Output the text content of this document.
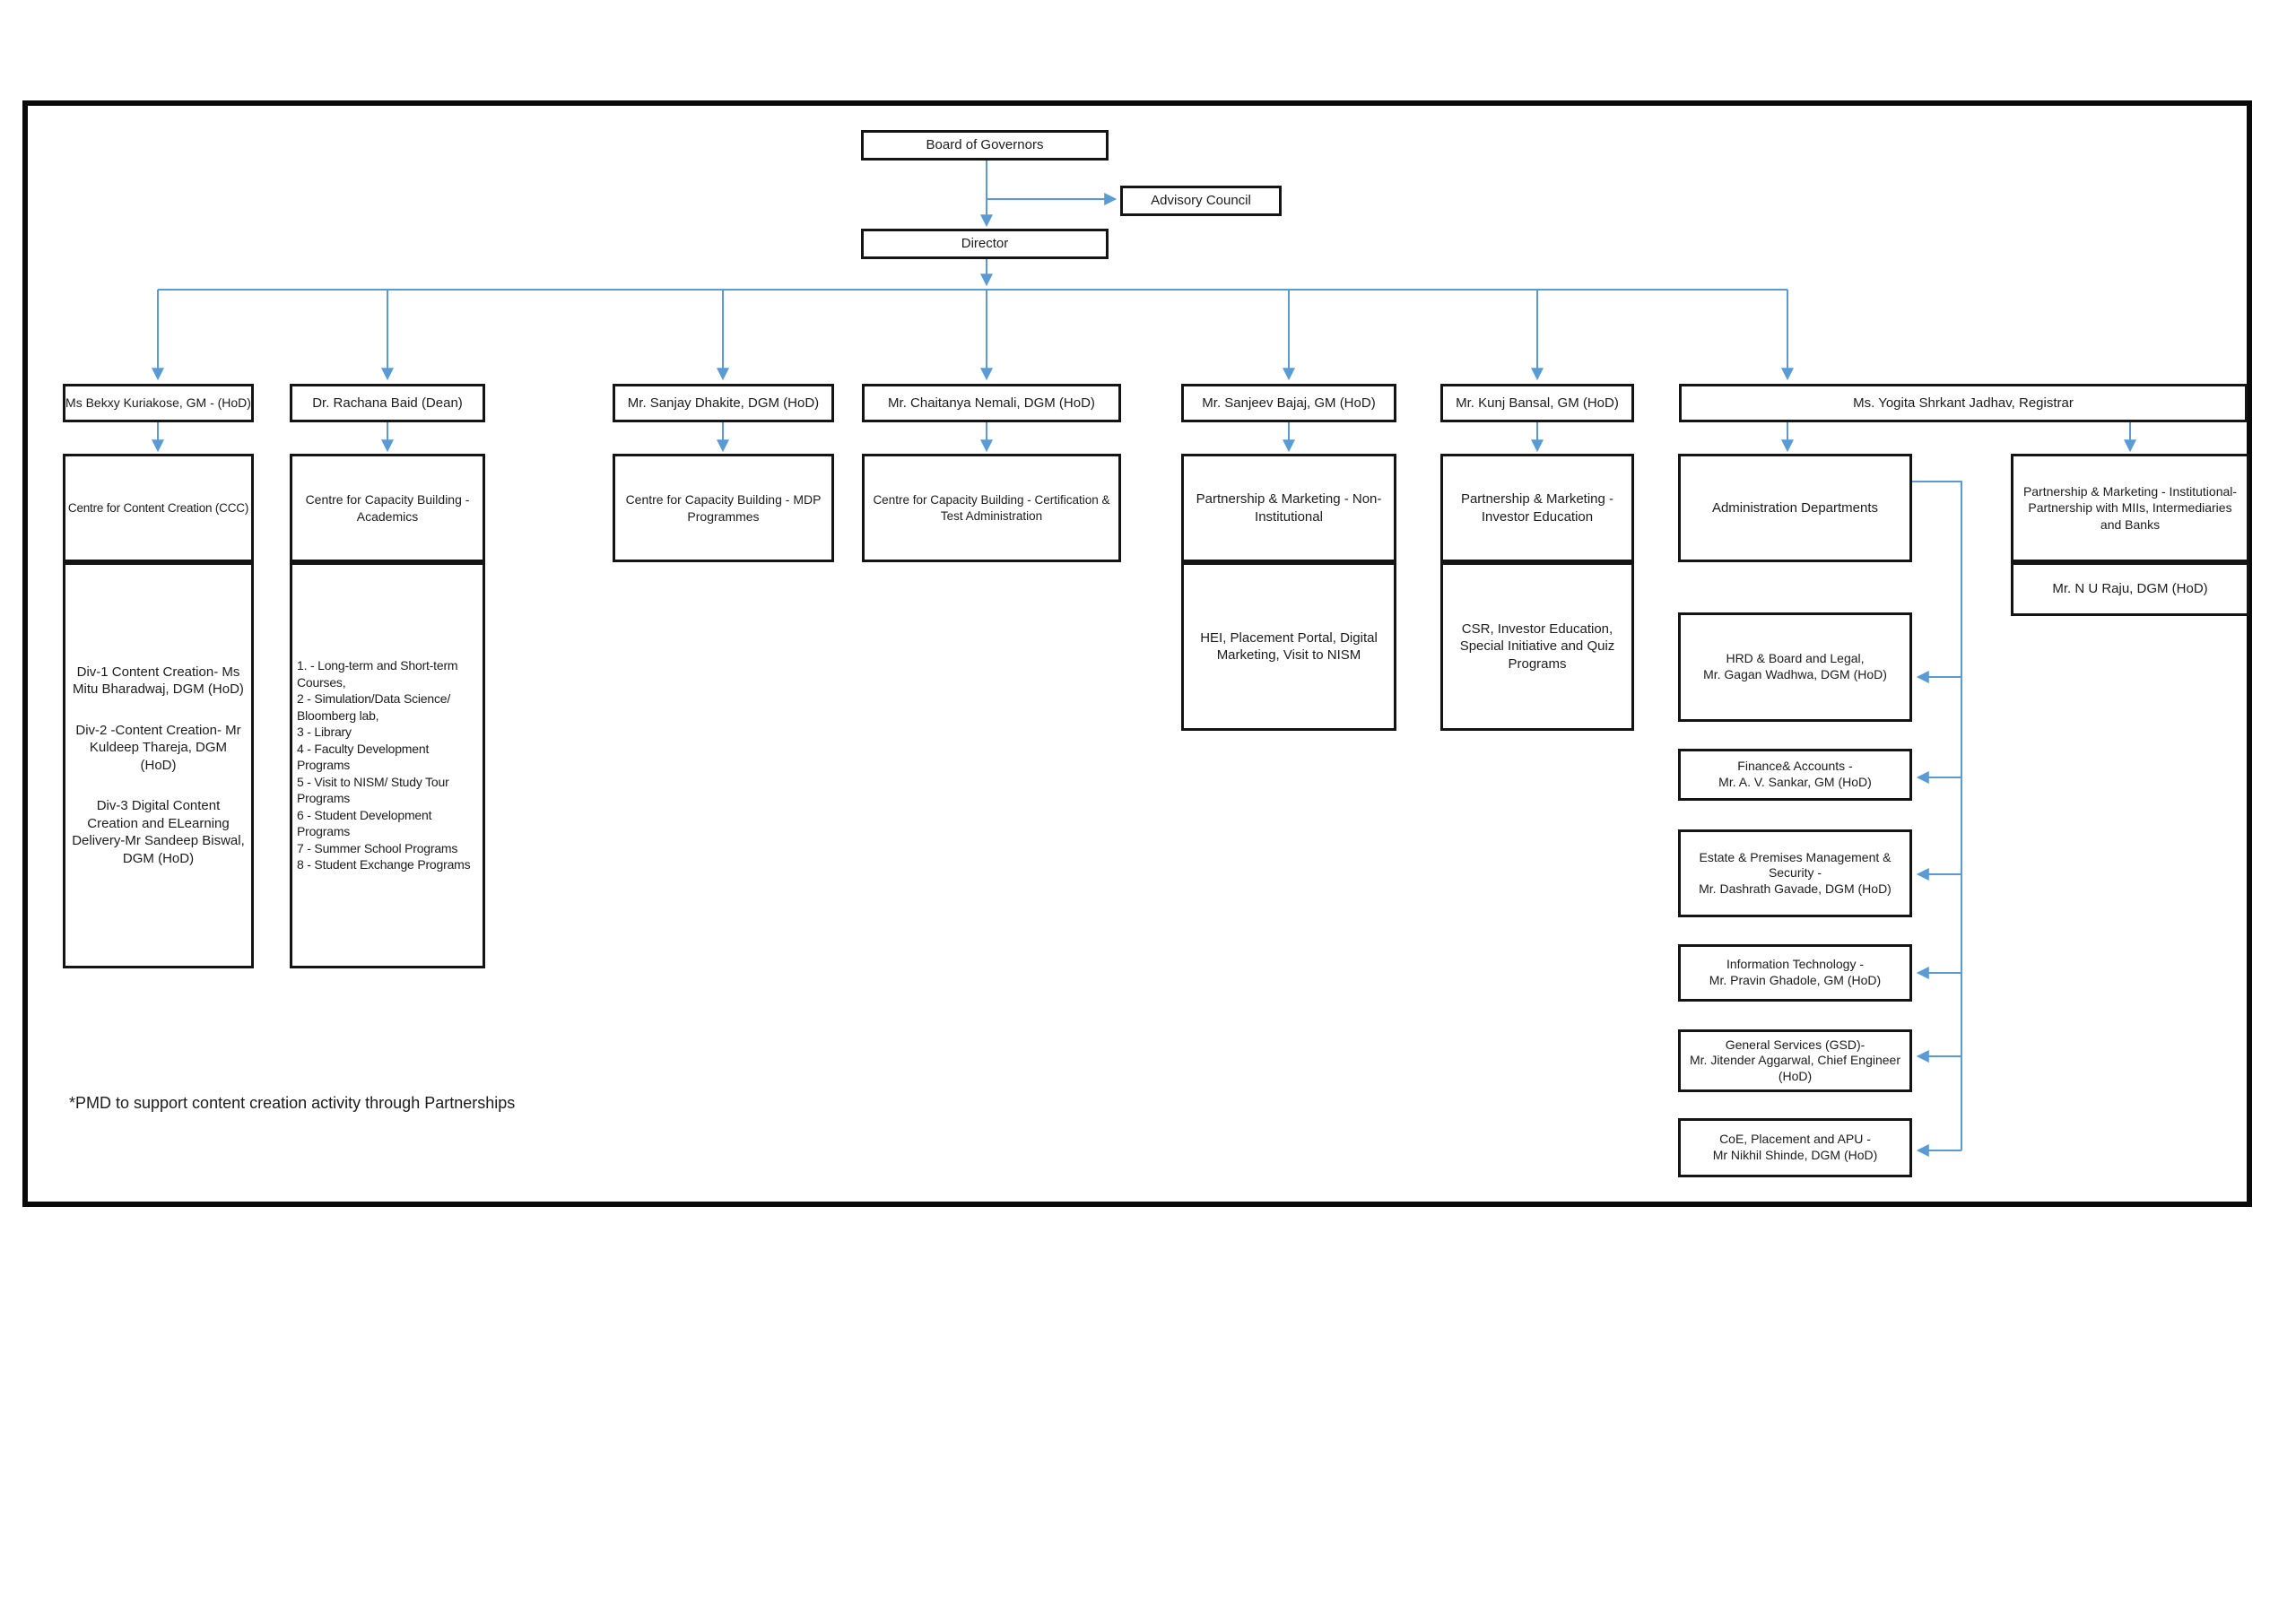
Board of Governors
Advisory Council
Director
Ms Bekxy Kuriakose, GM - (HoD)	Dr. Rachana Baid (Dean)	Mr. Sanjay Dhakite, DGM (HoD)	Mr. Chaitanya Nemali, DGM (HoD)	Mr. Sanjeev Bajaj, GM (HoD)	Mr. Kunj Bansal, GM (HoD)	Ms. Yogita Shrkant Jadhav, Registrar
Centre for Content Creation (CCC)
Centre for Capacity Building - Academics
Centre for Capacity Building - MDP Programmes
Centre for Capacity Building - Certification & Test Administration
Partnership & Marketing - Non-Institutional
Partnership & Marketing - Investor Education
Administration Departments
Partnership & Marketing - Institutional- Partnership with MIIs, Intermediaries and Banks
Div-1 Content Creation- Ms Mitu Bharadwaj, DGM (HoD)
Div-2 -Content Creation- Mr Kuldeep Thareja, DGM (HoD)
Div-3 Digital Content Creation and ELearning Delivery-Mr Sandeep Biswal, DGM (HoD)
1. - Long-term and Short-term Courses,
2 - Simulation/Data Science/ Bloomberg lab,
3 - Library
4 - Faculty Development Programs
5 - Visit to NISM/ Study Tour Programs
6 - Student Development Programs
7 - Summer School Programs
8 - Student Exchange Programs
HEI, Placement Portal, Digital Marketing, Visit to NISM
CSR, Investor Education, Special Initiative and Quiz Programs
Mr. N U Raju, DGM (HoD)
HRD & Board and Legal,
Mr. Gagan Wadhwa, DGM (HoD)
Finance& Accounts -
Mr. A. V. Sankar, GM (HoD)
Estate & Premises Management & Security -
Mr. Dashrath Gavade, DGM (HoD)
Information Technology -
Mr. Pravin Ghadole, GM (HoD)
General Services (GSD)-
Mr. Jitender Aggarwal, Chief Engineer (HoD)
CoE, Placement and APU -
Mr Nikhil Shinde, DGM (HoD)
*PMD to support content creation activity through Partnerships
